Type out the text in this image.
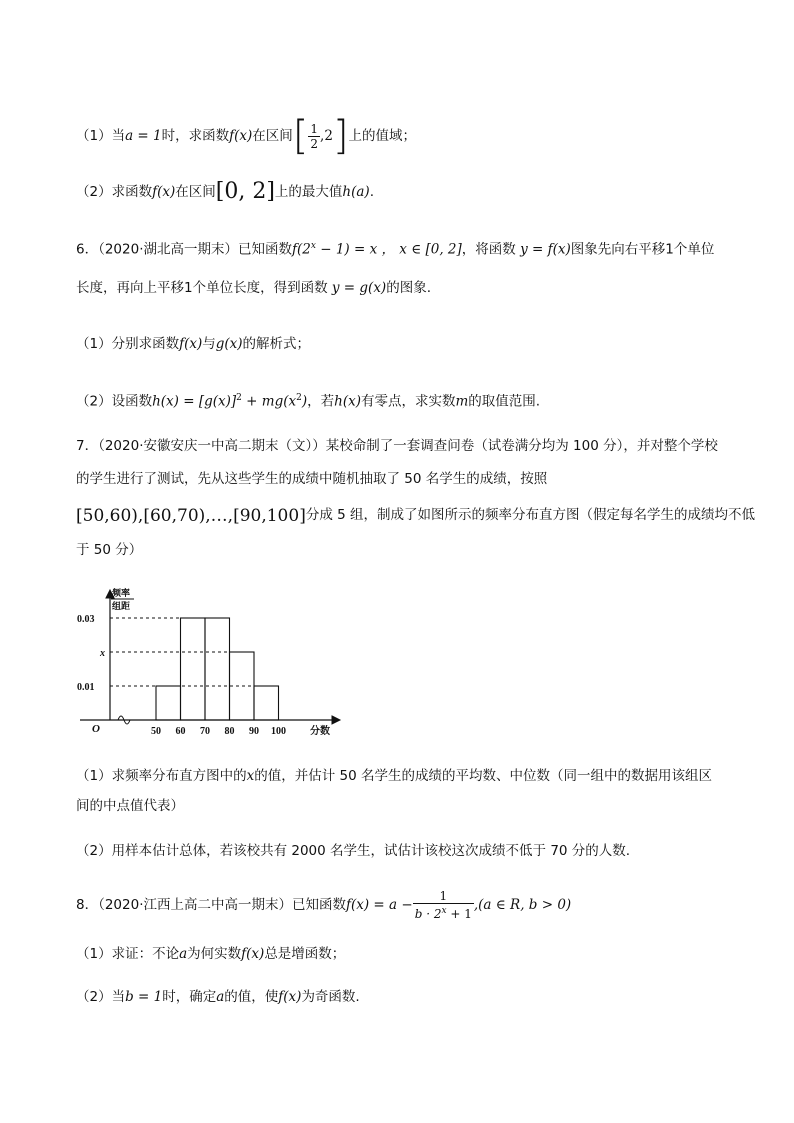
（1）当a = 1时，求函数f(x)在区间[ $\frac{1}{2} ,2$]上的值域；
（2）求函数f(x)在区间[0, 2]上的最大值h(a).
6．（2020·湖北高一期末）已知函数$f(2^x - 1) = x$ ， x ∈ [0, 2]，将函数 y = f(x)图象先向右平移1个单位
长度，再向上平移1个单位长度，得到函数 y = g(x)的图象.
（1）分别求函数f(x)与g(x)的解析式；
（2）设函数$h(x) = [g(x)]^2 + mg(x^2)$，若h(x)有零点，求实数m的取值范围.
7．（2020·安徽安庆一中高二期末（文））某校命制了一套调查问卷（试卷满分均为 100 分），并对整个学校
的学生进行了测试，先从这些学生的成绩中随机抽取了 50 名学生的成绩，按照
[50,60),[60,70),…,[90,100]分成 5 组，制成了如图所示的频率分布直方图（假定每名学生的成绩均不低
于 50 分）
频率
组距
O
0.01
x
0.03
50 60 70 80 90 100 分数
（1）求频率分布直方图中的x的值，并估计 50 名学生的成绩的平均数、中位数（同一组中的数据用该组区
间的中点值代表）
（2）用样本估计总体，若该校共有 2000 名学生，试估计该校这次成绩不低于 70 分的人数.
8．（2020·江西上高二中高一期末）已知函数$f(x) = a - \frac{1}{b \cdot 2^x + 1} ,(a$ ∈ R, b > 0)
（1）求证：不论a为何实数f(x)总是增函数；
（2）当b = 1时，确定a的值，使f(x)为奇函数.
